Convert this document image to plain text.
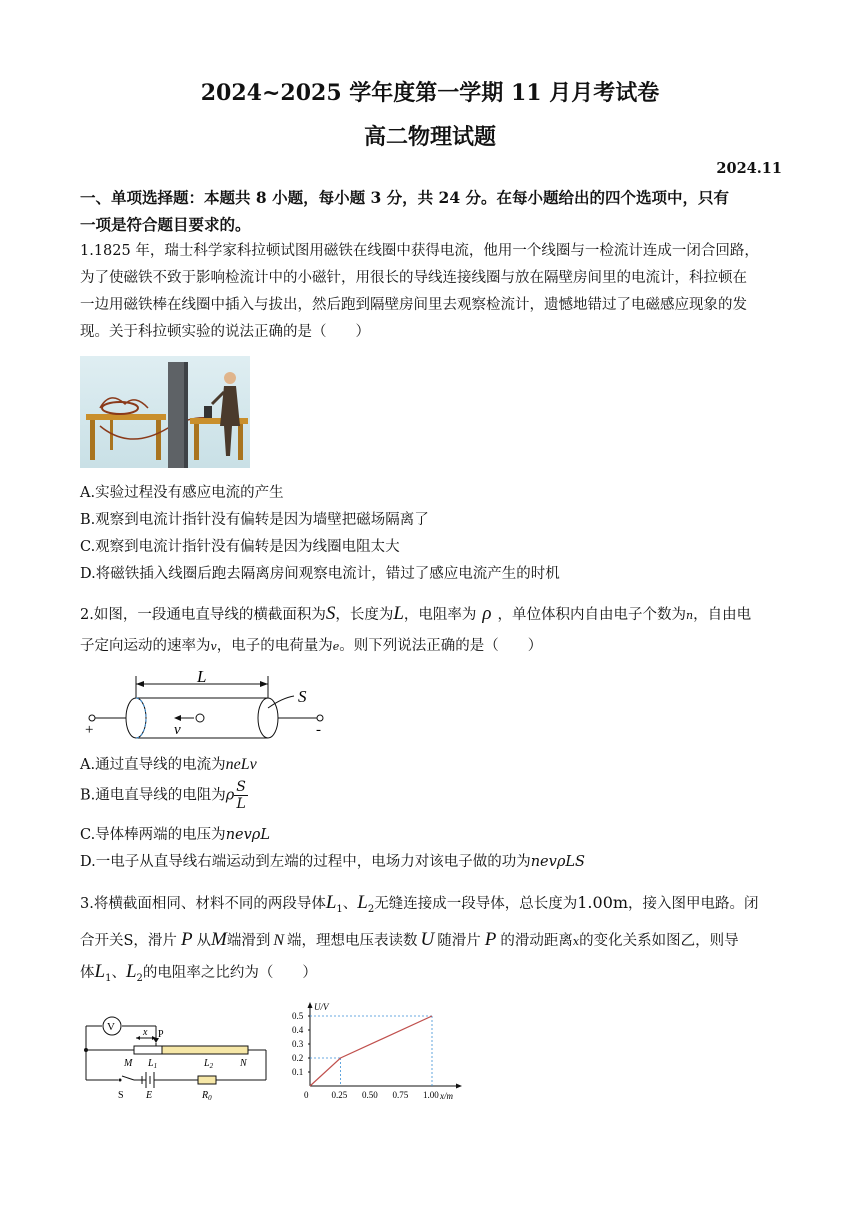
2024~2025 学年度第一学期 11 月月考试卷
高二物理试题
2024.11
一、单项选择题：本题共 8 小题，每小题 3 分，共 24 分。在每小题给出的四个选项中，只有
一项是符合题目要求的。
1.1825 年，瑞士科学家科拉顿试图用磁铁在线圈中获得电流，他用一个线圈与一检流计连成一闭合回路，
为了使磁铁不致于影响检流计中的小磁针，用很长的导线连接线圈与放在隔壁房间里的电流计，科拉顿在
一边用磁铁棒在线圈中插入与拔出，然后跑到隔壁房间里去观察检流计，遗憾地错过了电磁感应现象的发
现。关于科拉顿实验的说法正确的是（　　）
A.实验过程没有感应电流的产生
B.观察到电流计指针没有偏转是因为墙壁把磁场隔离了
C.观察到电流计指针没有偏转是因为线圈电阻太大
D.将磁铁插入线圈后跑去隔离房间观察电流计，错过了感应电流产生的时机
2.如图，一段通电直导线的横截面积为S，长度为L，电阻率为 ρ ，单位体积内自由电子个数为n，自由电
子定向运动的速率为v，电子的电荷量为e。则下列说法正确的是（　　）
L
+	-
v
S
A.通过直导线的电流为neLv
B.通电直导线的电阻为ρ $\frac{S}{L}$
C.导体棒两端的电压为nevρL
D.一电子从直导线右端运动到左端的过程中，电场力对该电子做的功为nevρLS
3.将横截面相同、材料不同的两段导体$L_1$、$L_2$无缝连接成一段导体，总长度为1.00m，接入图甲电路。闭
合开关S，滑片 P 从M端滑到 N 端，理想电压表读数 U 随滑片 P 的滑动距离x的变化关系如图乙，则导
体$L_1$、$L_2$的电阻率之比约为（　　）
V	x P
M $L_1$	$L_2$	N
S E	$R_0$
U/V
x/m
0	0.25 0.50 0.75 1.00
0.1
0.2
0.3
0.4
0.5
